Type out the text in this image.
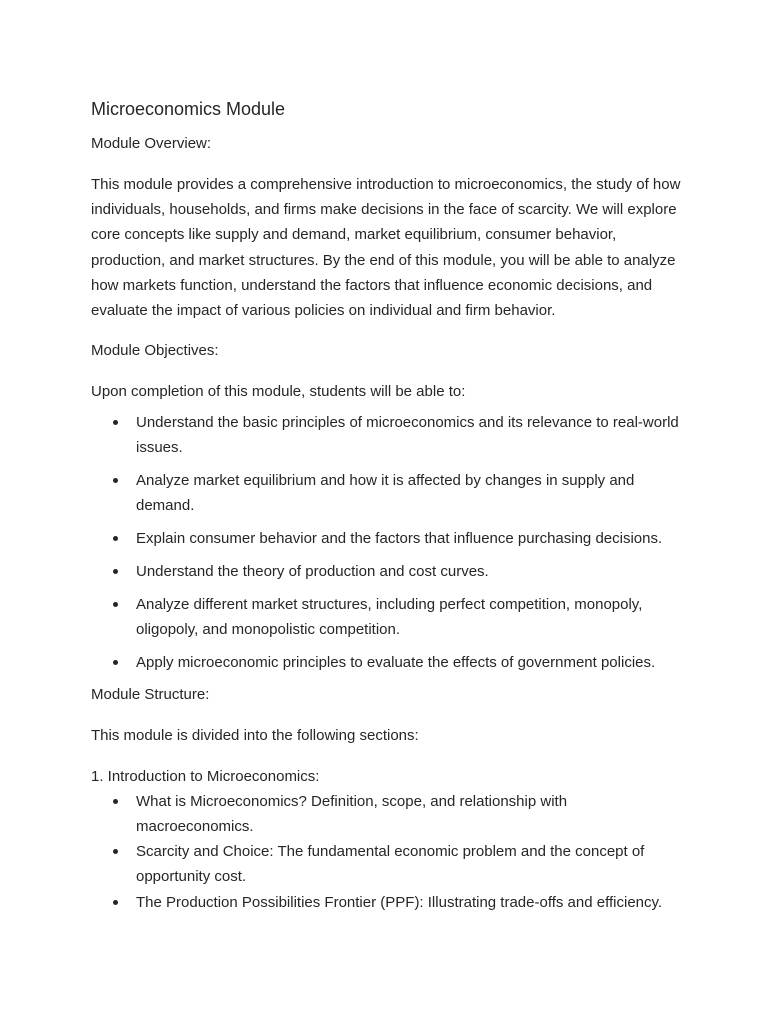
Microeconomics Module

Module Overview:

This module provides a comprehensive introduction to microeconomics, the study of how individuals, households, and firms make decisions in the face of scarcity. We will explore core concepts like supply and demand, market equilibrium, consumer behavior, production, and market structures. By the end of this module, you will be able to analyze how markets function, understand the factors that influence economic decisions, and evaluate the impact of various policies on individual and firm behavior.

Module Objectives:

Upon completion of this module, students will be able to:

Understand the basic principles of microeconomics and its relevance to real-world issues.
Analyze market equilibrium and how it is affected by changes in supply and demand.
Explain consumer behavior and the factors that influence purchasing decisions.
Understand the theory of production and cost curves.
Analyze different market structures, including perfect competition, monopoly, oligopoly, and monopolistic competition.
Apply microeconomic principles to evaluate the effects of government policies.

Module Structure:

This module is divided into the following sections:

1. Introduction to Microeconomics:

What is Microeconomics? Definition, scope, and relationship with macroeconomics.
Scarcity and Choice: The fundamental economic problem and the concept of opportunity cost.
The Production Possibilities Frontier (PPF): Illustrating trade-offs and efficiency.
